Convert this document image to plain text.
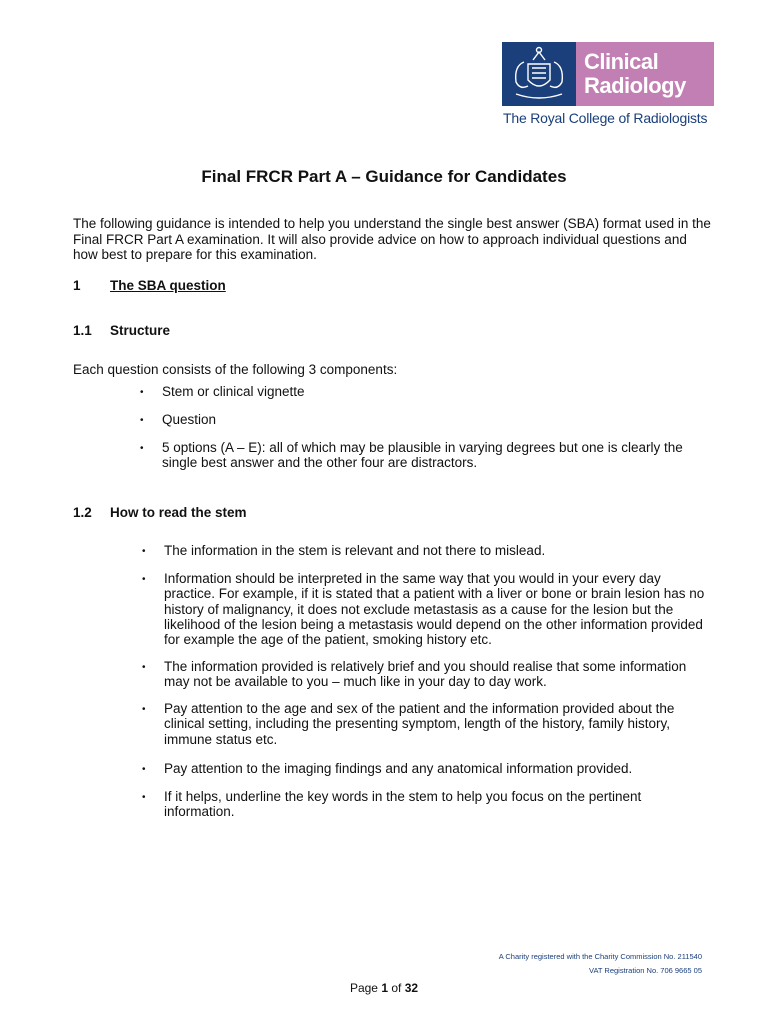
Clinical
Radiology
The Royal College of Radiologists
Final FRCR Part A – Guidance for Candidates
The following guidance is intended to help you understand the single best answer (SBA) format used in the Final FRCR Part A examination. It will also provide advice on how to approach individual questions and how best to prepare for this examination.
1 The SBA question
1.1 Structure
Each question consists of the following 3 components:
• Stem or clinical vignette
• Question
• 5 options (A – E): all of which may be plausible in varying degrees but one is clearly the single best answer and the other four are distractors.
1.2 How to read the stem
• The information in the stem is relevant and not there to mislead.
• Information should be interpreted in the same way that you would in your every day practice. For example, if it is stated that a patient with a liver or bone or brain lesion has no history of malignancy, it does not exclude metastasis as a cause for the lesion but the likelihood of the lesion being a metastasis would depend on the other information provided for example the age of the patient, smoking history etc.
• The information provided is relatively brief and you should realise that some information may not be available to you – much like in your day to day work.
• Pay attention to the age and sex of the patient and the information provided about the clinical setting, including the presenting symptom, length of the history, family history, immune status etc.
• Pay attention to the imaging findings and any anatomical information provided.
• If it helps, underline the key words in the stem to help you focus on the pertinent information.
A Charity registered with the Charity Commission No. 211540
VAT Registration No. 706 9665 05
Page 1 of 32
